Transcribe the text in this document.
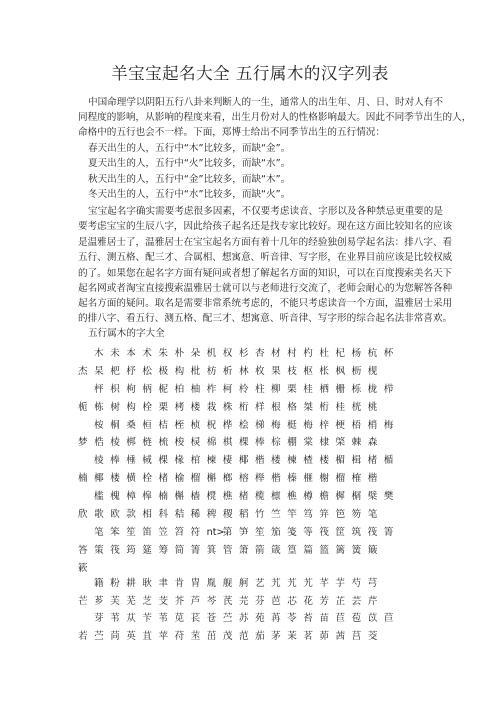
羊宝宝起名大全 五行属木的汉字列表
中国命理学以阴阳五行八卦来判断人的一生，通常人的出生年、月、日、时对人有不
同程度的影响，从影响的程度来看，出生月份对人的性格影响最大。因此不同季节出生的人，
命格中的五行也会不一样。下面，郑博士给出不同季节出生的五行情况：
春天出生的人，五行中“木”比较多，而缺“金”。
夏天出生的人，五行中“火”比较多，而缺“水”。
秋天出生的人，五行中“金”比较多，而缺“木”。
冬天出生的人，五行中“水”比较多，而缺“火”。
宝宝起名字确实需要考虑很多因素，不仅要考虑读音、字形以及各种禁忌更重要的是
要考虑宝宝的生辰八字，因此给孩子起名还是找专家比较好。现在这方面比较知名的应该
是温雅居士了，温雅居士在宝宝起名方面有着十几年的经验独创易学起名法：排八字、看
五行、测五格、配三才、合属相、想寓意、听音律、写字形，在业界目前应该是比较权威
的了。如果您在起名字方面有疑问或者想了解起名方面的知识，可以在百度搜索美名天下
起名网或者淘宝直接搜索温雅居士就可以与老师进行交流了，老师会耐心的为您解答各种
起名方面的疑问。取名是需要非常系统考虑的，不能只考虑读音一个方面，温雅居士采用
的排八字、看五行、测五格、配三才、想寓意、听音律、写字形的综合起名法非常喜欢。
五行属木的字大全
木 未 本 术 朱 朴 朵 机 权 杉 杏 材 村 杓 杜 杞 杨 杭 杯
杰 杲 杷 杼 松 极 构 枇 枋 析 林 枚 果 枝 枢 枨 枫 枥 枧
枰 枳 枸 柄 柅 柏 柚 柞 柯 柃 柱 柳 栗 桂 栖 栅 栎 栊 栉
栀 栋 树 构 栓 栗 栲 楼 栽 株 桁 样 根 格 桀 桁 桂 桄 桃
桉 桐 桑 桓 桔 桎 桢 柷 桦 桧 梯 梅 梃 梅 梓 梗 梧 梢 梅
梦 梏 棱 梆 梿 梳 梭 棂 棉 棋 棵 棒 棕 棚 棠 棣 棨 棘 森
棱 棒 棰 棫 棵 椽 棺 楝 棲 椰 楷 楼 楝 楂 楼 楣 楫 楮 楯
楠 椰 楼 横 栓 楮 榆 榴 槲 榔 榕 榉 楷 榛 榧 榭 榴 榷 楷
槛 槐 樟 槔 楠 槲 樯 櫈 樵 楮 榄 檩 樵 樽 檐 樨 榍 檗 樊
欣 歌 欧 款 相 科 秸 稀 稗 稷 稻 竹 竺 竿 笃 笄 笆 笏 笔
笔 笨 笙 笛 笠 笤 符 nt>第 笋 笙 笳 笺 等 筏 筐 筑 筏 箐
答 策 筏 筠 筵 筹 简 箐 箕 管 箫 箭 箴 篁 篇 篮 篱 簧 簸
簌
籍 粉 耕 耿 聿 肯 胄 胤 舰 舸 艺 艽 艽 艽 芊 芋 芍 芎
芒 芗 芙 芜 芝 芠 芥 芦 芩 芪 芫 芬 芭 芯 花 芳 芷 芸 芹
芽 苇 苁 苄 苇 苋 苌 苍 苎 苏 苑 苒 苓 苔 苗 苣 苞 苡 苣
若 苎 苘 英 苴 苹 苻 苤 茁 茂 范 茄 茅 茉 茗 茆 茜 莒 茭
